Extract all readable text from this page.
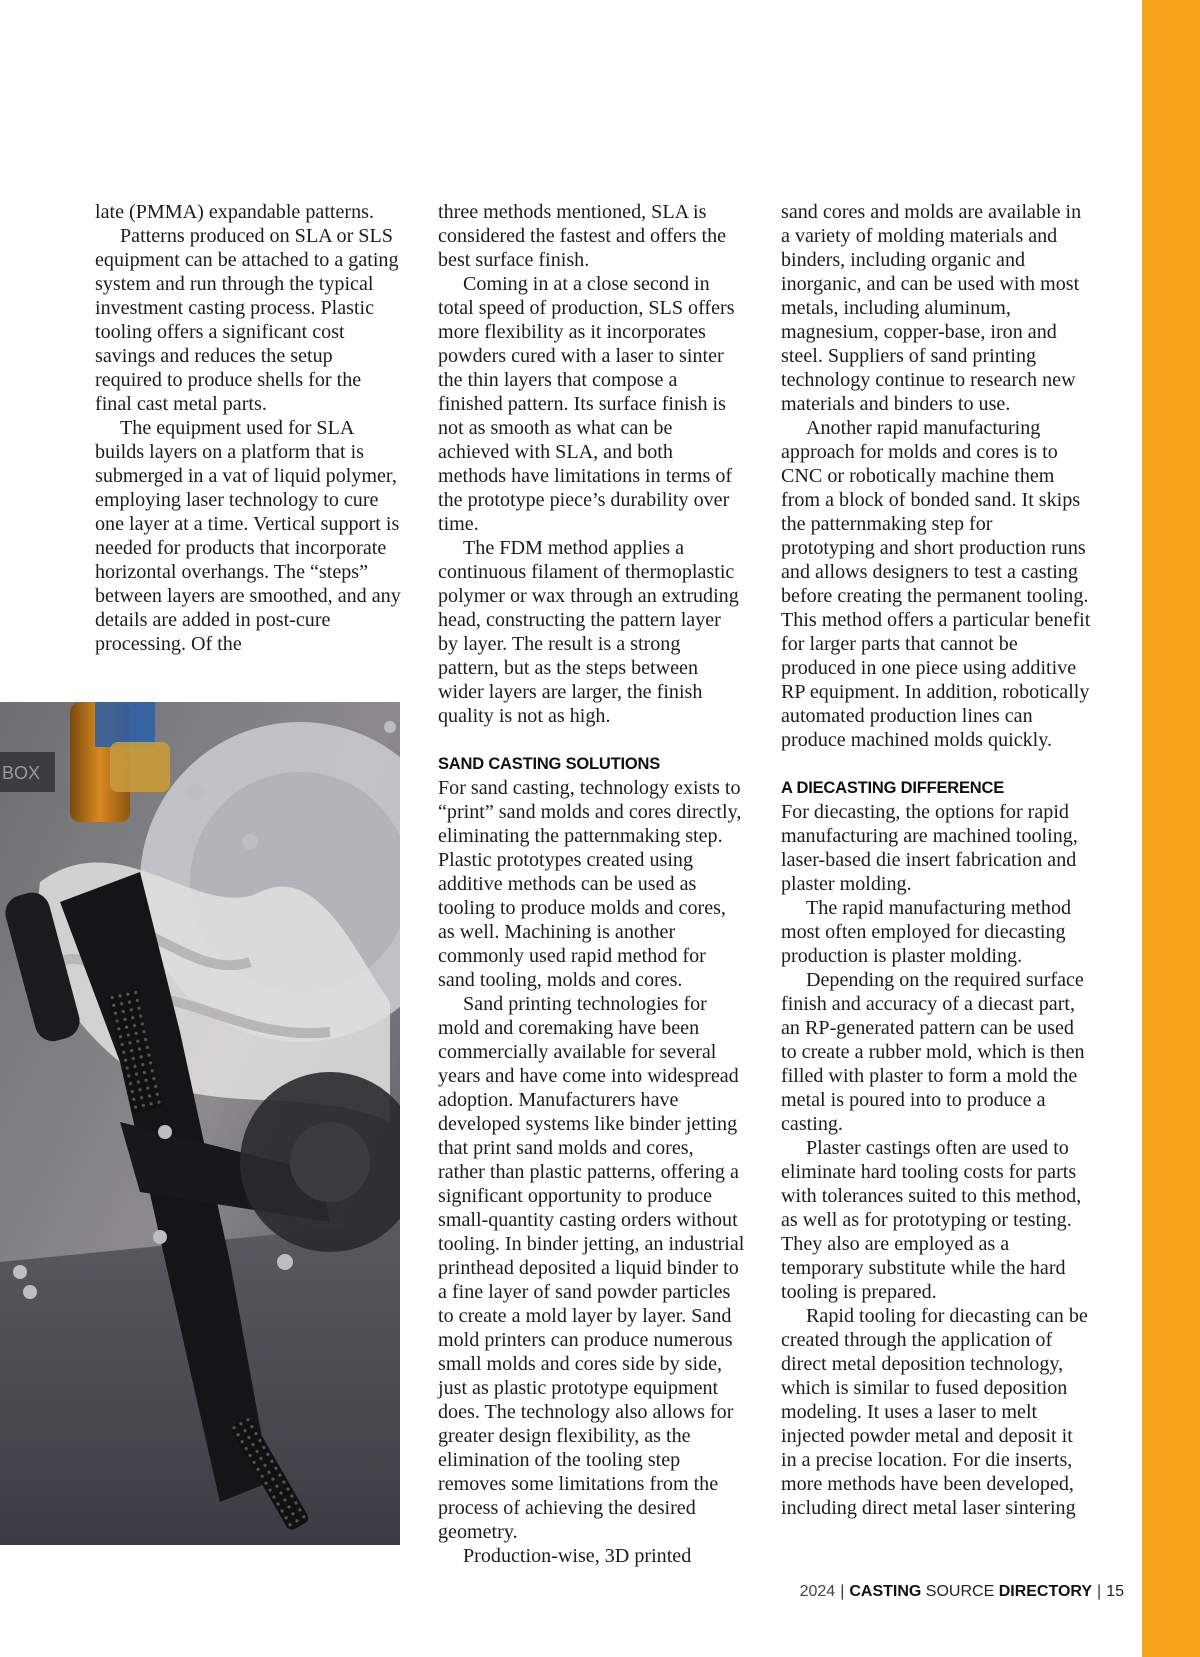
late (PMMA) expandable patterns.

Patterns produced on SLA or SLS equipment can be attached to a gating system and run through the typical investment casting process. Plastic tooling offers a significant cost savings and reduces the setup required to produce shells for the final cast metal parts.

The equipment used for SLA builds layers on a platform that is submerged in a vat of liquid polymer, employing laser technology to cure one layer at a time. Vertical support is needed for products that incorporate horizontal overhangs. The “steps” between layers are smoothed, and any details are added in post-cure processing. Of the

three methods mentioned, SLA is considered the fastest and offers the best surface finish.

Coming in at a close second in total speed of production, SLS offers more flexibility as it incorporates powders cured with a laser to sinter the thin layers that compose a finished pattern. Its surface finish is not as smooth as what can be achieved with SLA, and both methods have limitations in terms of the prototype piece’s durability over time.

The FDM method applies a continuous filament of thermoplastic polymer or wax through an extruding head, constructing the pattern layer by layer. The result is a strong pattern, but as the steps between wider layers are larger, the finish quality is not as high.

SAND CASTING SOLUTIONS

For sand casting, technology exists to “print” sand molds and cores directly, eliminating the patternmaking step. Plastic prototypes created using additive methods can be used as tooling to produce molds and cores, as well. Machining is another commonly used rapid method for sand tooling, molds and cores.

Sand printing technologies for mold and coremaking have been commercially available for several years and have come into widespread adoption. Manufacturers have developed systems like binder jetting that print sand molds and cores, rather than plastic patterns, offering a significant opportunity to produce small-quantity casting orders without tooling. In binder jetting, an industrial printhead deposited a liquid binder to a fine layer of sand powder particles to create a mold layer by layer. Sand mold printers can produce numerous small molds and cores side by side, just as plastic prototype equipment does. The technology also allows for greater design flexibility, as the elimination of the tooling step removes some limitations from the process of achieving the desired geometry.

Production-wise, 3D printed

sand cores and molds are available in a variety of molding materials and binders, including organic and inorganic, and can be used with most metals, including aluminum, magnesium, copper-base, iron and steel. Suppliers of sand printing technology continue to research new materials and binders to use.

Another rapid manufacturing approach for molds and cores is to CNC or robotically machine them from a block of bonded sand. It skips the patternmaking step for prototyping and short production runs and allows designers to test a casting before creating the permanent tooling. This method offers a particular benefit for larger parts that cannot be produced in one piece using additive RP equipment. In addition, robotically automated production lines can produce machined molds quickly.

A DIECASTING DIFFERENCE

For diecasting, the options for rapid manufacturing are machined tooling, laser-based die insert fabrication and plaster molding.

The rapid manufacturing method most often employed for diecasting production is plaster molding.

Depending on the required surface finish and accuracy of a diecast part, an RP-generated pattern can be used to create a rubber mold, which is then filled with plaster to form a mold the metal is poured into to produce a casting.

Plaster castings often are used to eliminate hard tooling costs for parts with tolerances suited to this method, as well as for prototyping or testing. They also are employed as a temporary substitute while the hard tooling is prepared.

Rapid tooling for diecasting can be created through the application of direct metal deposition technology, which is similar to fused deposition modeling. It uses a laser to melt injected powder metal and deposit it in a precise location. For die inserts, more methods have been developed, including direct metal laser sintering

BOX
2024 | CASTING SOURCE DIRECTORY | 15
